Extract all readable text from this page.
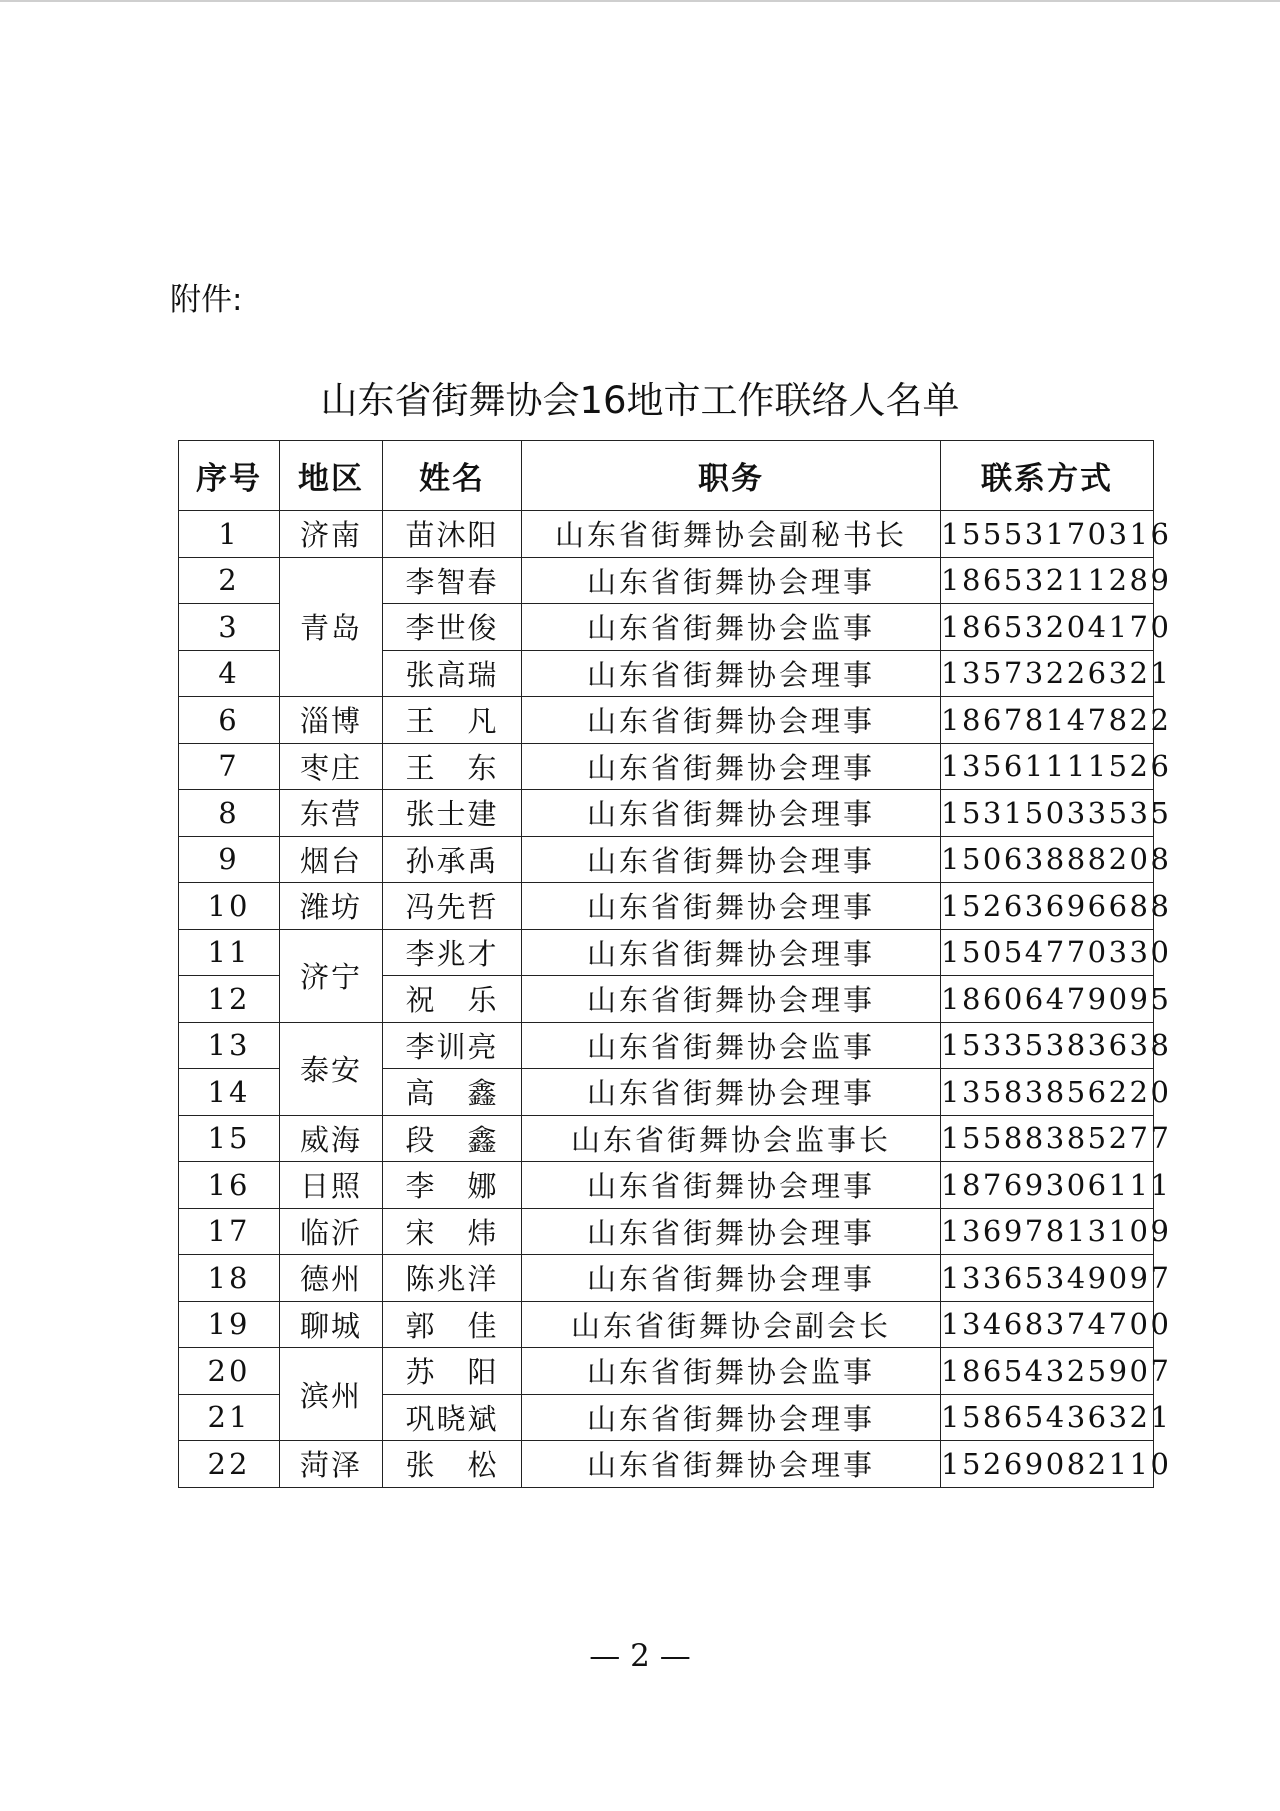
附件:
山东省街舞协会16地市工作联络人名单
序号	地区	姓名	职务	联系方式
1	济南	苗沐阳	山东省街舞协会副秘书长	15553170316
2	青岛	李智春	山东省街舞协会理事	18653211289
3		李世俊	山东省街舞协会监事	18653204170
4		张高瑞	山东省街舞协会理事	13573226321
6	淄博	王　凡	山东省街舞协会理事	18678147822
7	枣庄	王　东	山东省街舞协会理事	13561111526
8	东营	张士建	山东省街舞协会理事	15315033535
9	烟台	孙承禹	山东省街舞协会理事	15063888208
10	潍坊	冯先哲	山东省街舞协会理事	15263696688
11	济宁	李兆才	山东省街舞协会理事	15054770330
12		祝　乐	山东省街舞协会理事	18606479095
13	泰安	李训亮	山东省街舞协会监事	15335383638
14		高　鑫	山东省街舞协会理事	13583856220
15	威海	段　鑫	山东省街舞协会监事长	15588385277
16	日照	李　娜	山东省街舞协会理事	18769306111
17	临沂	宋　炜	山东省街舞协会理事	13697813109
18	德州	陈兆洋	山东省街舞协会理事	13365349097
19	聊城	郭　佳	山东省街舞协会副会长	13468374700
20	滨州	苏　阳	山东省街舞协会监事	18654325907
21		巩晓斌	山东省街舞协会理事	15865436321
22	菏泽	张　松	山东省街舞协会理事	15269082110
— 2 —
